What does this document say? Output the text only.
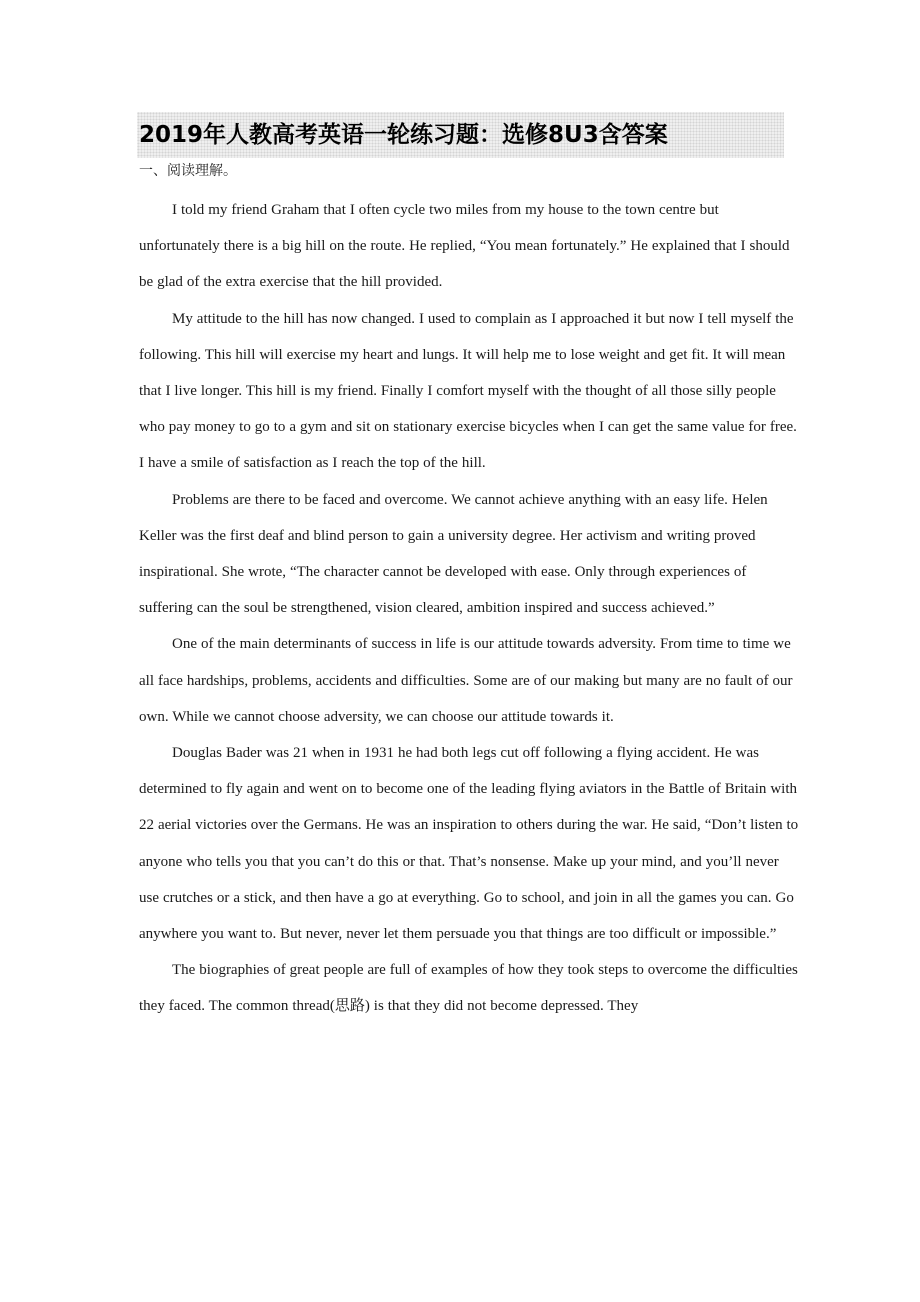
2019年人教高考英语一轮练习题：选修8U3含答案
一、阅读理解。

I told my friend Graham that I often cycle two miles from my house to the town centre but unfortunately there is a big hill on the route. He replied, “You mean fortunately.” He explained that I should be glad of the extra exercise that the hill provided.

My attitude to the hill has now changed. I used to complain as I approached it but now I tell myself the following. This hill will exercise my heart and lungs. It will help me to lose weight and get fit. It will mean that I live longer. This hill is my friend. Finally I comfort myself with the thought of all those silly people who pay money to go to a gym and sit on stationary exercise bicycles when I can get the same value for free. I have a smile of satisfaction as I reach the top of the hill.

Problems are there to be faced and overcome. We cannot achieve anything with an easy life. Helen Keller was the first deaf and blind person to gain a university degree. Her activism and writing proved inspirational. She wrote, “The character cannot be developed with ease. Only through experiences of suffering can the soul be strengthened, vision cleared, ambition inspired and success achieved.”

One of the main determinants of success in life is our attitude towards adversity. From time to time we all face hardships, problems, accidents and difficulties. Some are of our making but many are no fault of our own. While we cannot choose adversity, we can choose our attitude towards it.

Douglas Bader was 21 when in 1931 he had both legs cut off following a flying accident. He was determined to fly again and went on to become one of the leading flying aviators in the Battle of Britain with 22 aerial victories over the Germans. He was an inspiration to others during the war. He said, “Don’t listen to anyone who tells you that you can’t do this or that. That’s nonsense. Make up your mind, and you’ll never use crutches or a stick, and then have a go at everything. Go to school, and join in all the games you can. Go anywhere you want to. But never, never let them persuade you that things are too difficult or impossible.”

The biographies of great people are full of examples of how they took steps to overcome the difficulties they faced. The common thread(思路) is that they did not become depressed. They
